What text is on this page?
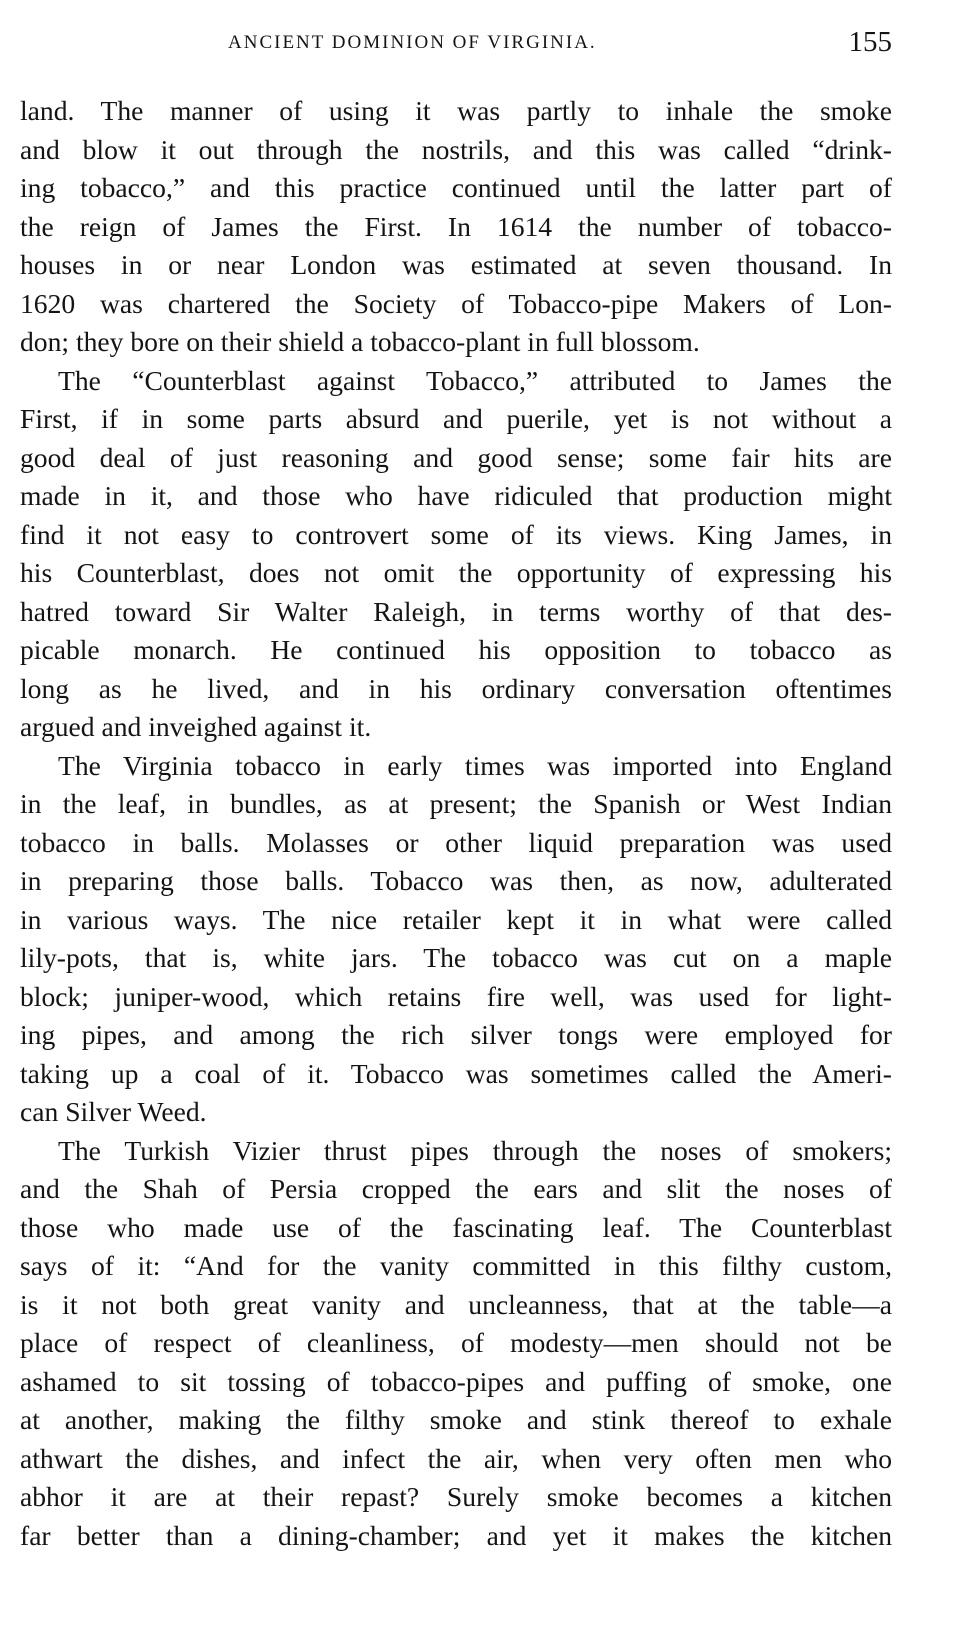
ANCIENT DOMINION OF VIRGINIA.	155
land. The manner of using it was partly to inhale the smoke
and blow it out through the nostrils, and this was called “drink-
ing tobacco,” and this practice continued until the latter part of
the reign of James the First. In 1614 the number of tobacco-
houses in or near London was estimated at seven thousand. In
1620 was chartered the Society of Tobacco-pipe Makers of Lon-
don; they bore on their shield a tobacco-plant in full blossom.
The “Counterblast against Tobacco,” attributed to James the
First, if in some parts absurd and puerile, yet is not without a
good deal of just reasoning and good sense; some fair hits are
made in it, and those who have ridiculed that production might
find it not easy to controvert some of its views. King James, in
his Counterblast, does not omit the opportunity of expressing his
hatred toward Sir Walter Raleigh, in terms worthy of that des-
picable monarch. He continued his opposition to tobacco as
long as he lived, and in his ordinary conversation oftentimes
argued and inveighed against it.
The Virginia tobacco in early times was imported into England
in the leaf, in bundles, as at present; the Spanish or West Indian
tobacco in balls. Molasses or other liquid preparation was used
in preparing those balls. Tobacco was then, as now, adulterated
in various ways. The nice retailer kept it in what were called
lily-pots, that is, white jars. The tobacco was cut on a maple
block; juniper-wood, which retains fire well, was used for light-
ing pipes, and among the rich silver tongs were employed for
taking up a coal of it. Tobacco was sometimes called the Ameri-
can Silver Weed.
The Turkish Vizier thrust pipes through the noses of smokers;
and the Shah of Persia cropped the ears and slit the noses of
those who made use of the fascinating leaf. The Counterblast
says of it: “And for the vanity committed in this filthy custom,
is it not both great vanity and uncleanness, that at the table—a
place of respect of cleanliness, of modesty—men should not be
ashamed to sit tossing of tobacco-pipes and puffing of smoke, one
at another, making the filthy smoke and stink thereof to exhale
athwart the dishes, and infect the air, when very often men who
abhor it are at their repast? Surely smoke becomes a kitchen
far better than a dining-chamber; and yet it makes the kitchen
